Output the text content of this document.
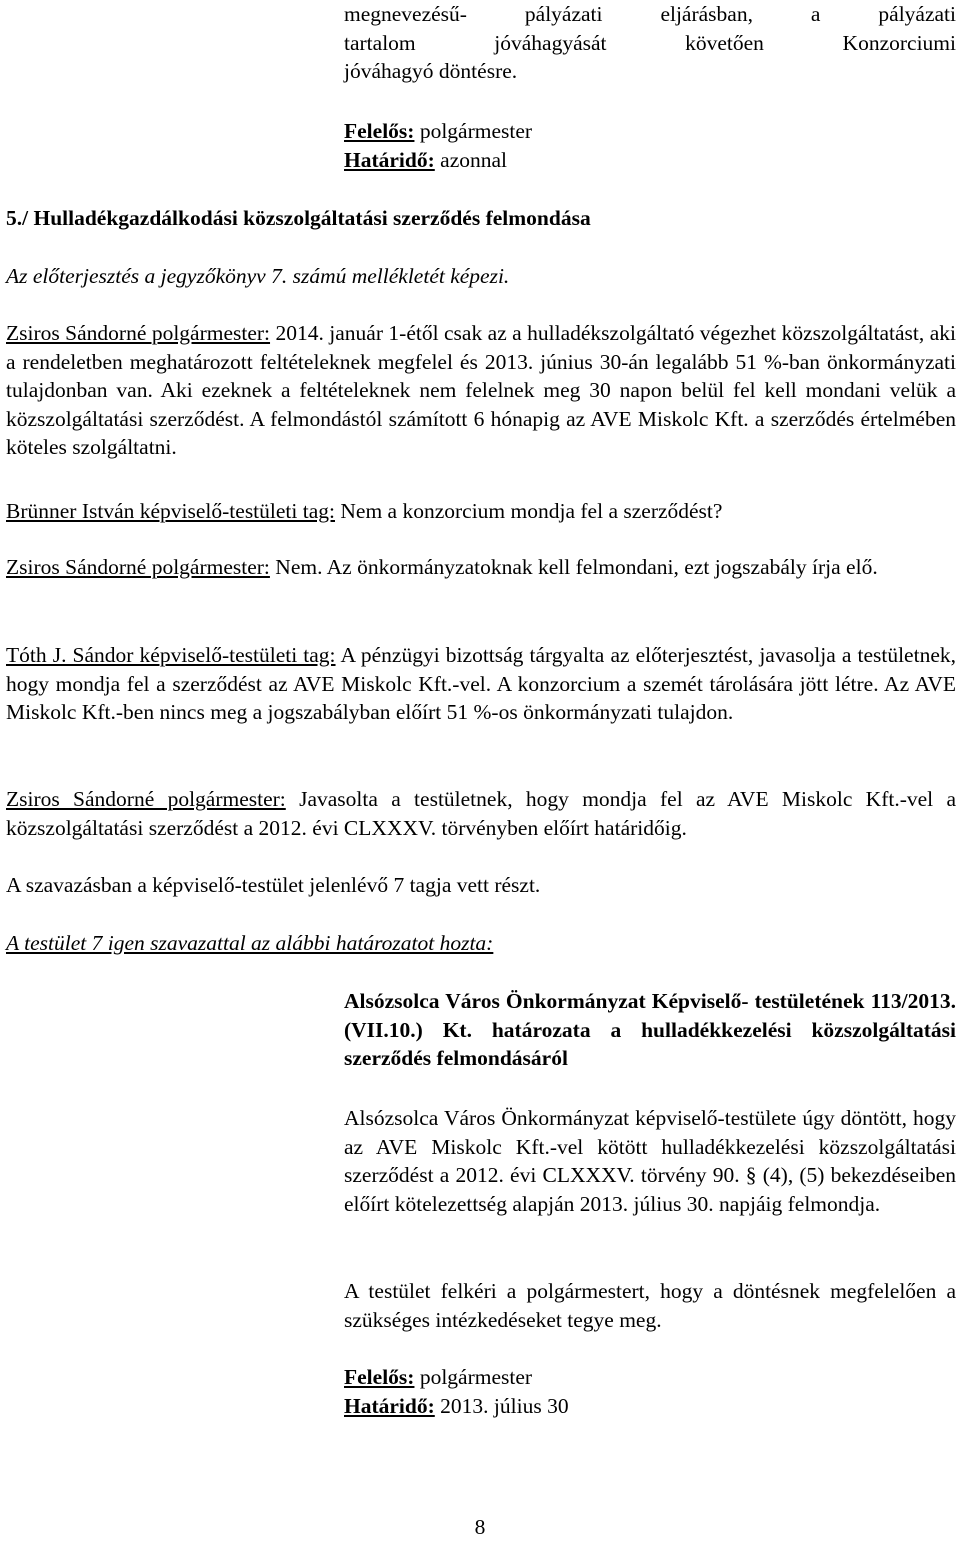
megnevezésű- pályázati eljárásban, a pályázati

tartalom jóváhagyását követően Konzorciumi

jóváhagyó döntésre.

Felelős: polgármester

Határidő: azonnal

5./ Hulladékgazdálkodási közszolgáltatási szerződés felmondása

Az előterjesztés a jegyzőkönyv 7. számú mellékletét képezi.

Zsiros Sándorné polgármester: 2014. január 1-étől csak az a hulladékszolgáltató végezhet közszolgáltatást, aki a rendeletben meghatározott feltételeknek megfelel és 2013. június 30-án legalább 51 %-ban önkormányzati tulajdonban van. Aki ezeknek a feltételeknek nem felelnek meg 30 napon belül fel kell mondani velük a közszolgáltatási szerződést. A felmondástól számított 6 hónapig az AVE Miskolc Kft. a szerződés értelmében köteles szolgáltatni.

Brünner István képviselő-testületi tag: Nem a konzorcium mondja fel a szerződést?

Zsiros Sándorné polgármester: Nem. Az önkormányzatoknak kell felmondani, ezt jogszabály írja elő.

Tóth J. Sándor képviselő-testületi tag: A pénzügyi bizottság tárgyalta az előterjesztést, javasolja a testületnek, hogy mondja fel a szerződést az AVE Miskolc Kft.-vel. A konzorcium a szemét tárolására jött létre. Az AVE Miskolc Kft.-ben nincs meg a jogszabályban előírt 51 %-os önkormányzati tulajdon.

Zsiros Sándorné polgármester: Javasolta a testületnek, hogy mondja fel az AVE Miskolc Kft.-vel a közszolgáltatási szerződést a 2012. évi CLXXXV. törvényben előírt határidőig.

A szavazásban a képviselő-testület jelenlévő 7 tagja vett részt.

A testület 7 igen szavazattal az alábbi határozatot hozta:

Alsózsolca Város Önkormányzat Képviselő- testületének 113/2013.(VII.10.) Kt. határozata a hulladékkezelési közszolgáltatási szerződés felmondásáról

Alsózsolca Város Önkormányzat képviselő-testülete úgy döntött, hogy az AVE Miskolc Kft.-vel kötött hulladékkezelési közszolgáltatási szerződést a 2012. évi CLXXXV. törvény 90. § (4), (5) bekezdéseiben előírt kötelezettség alapján 2013. július 30. napjáig felmondja.

A testület felkéri a polgármestert, hogy a döntésnek megfelelően a szükséges intézkedéseket tegye meg.

Felelős: polgármester

Határidő: 2013. július 30

8
